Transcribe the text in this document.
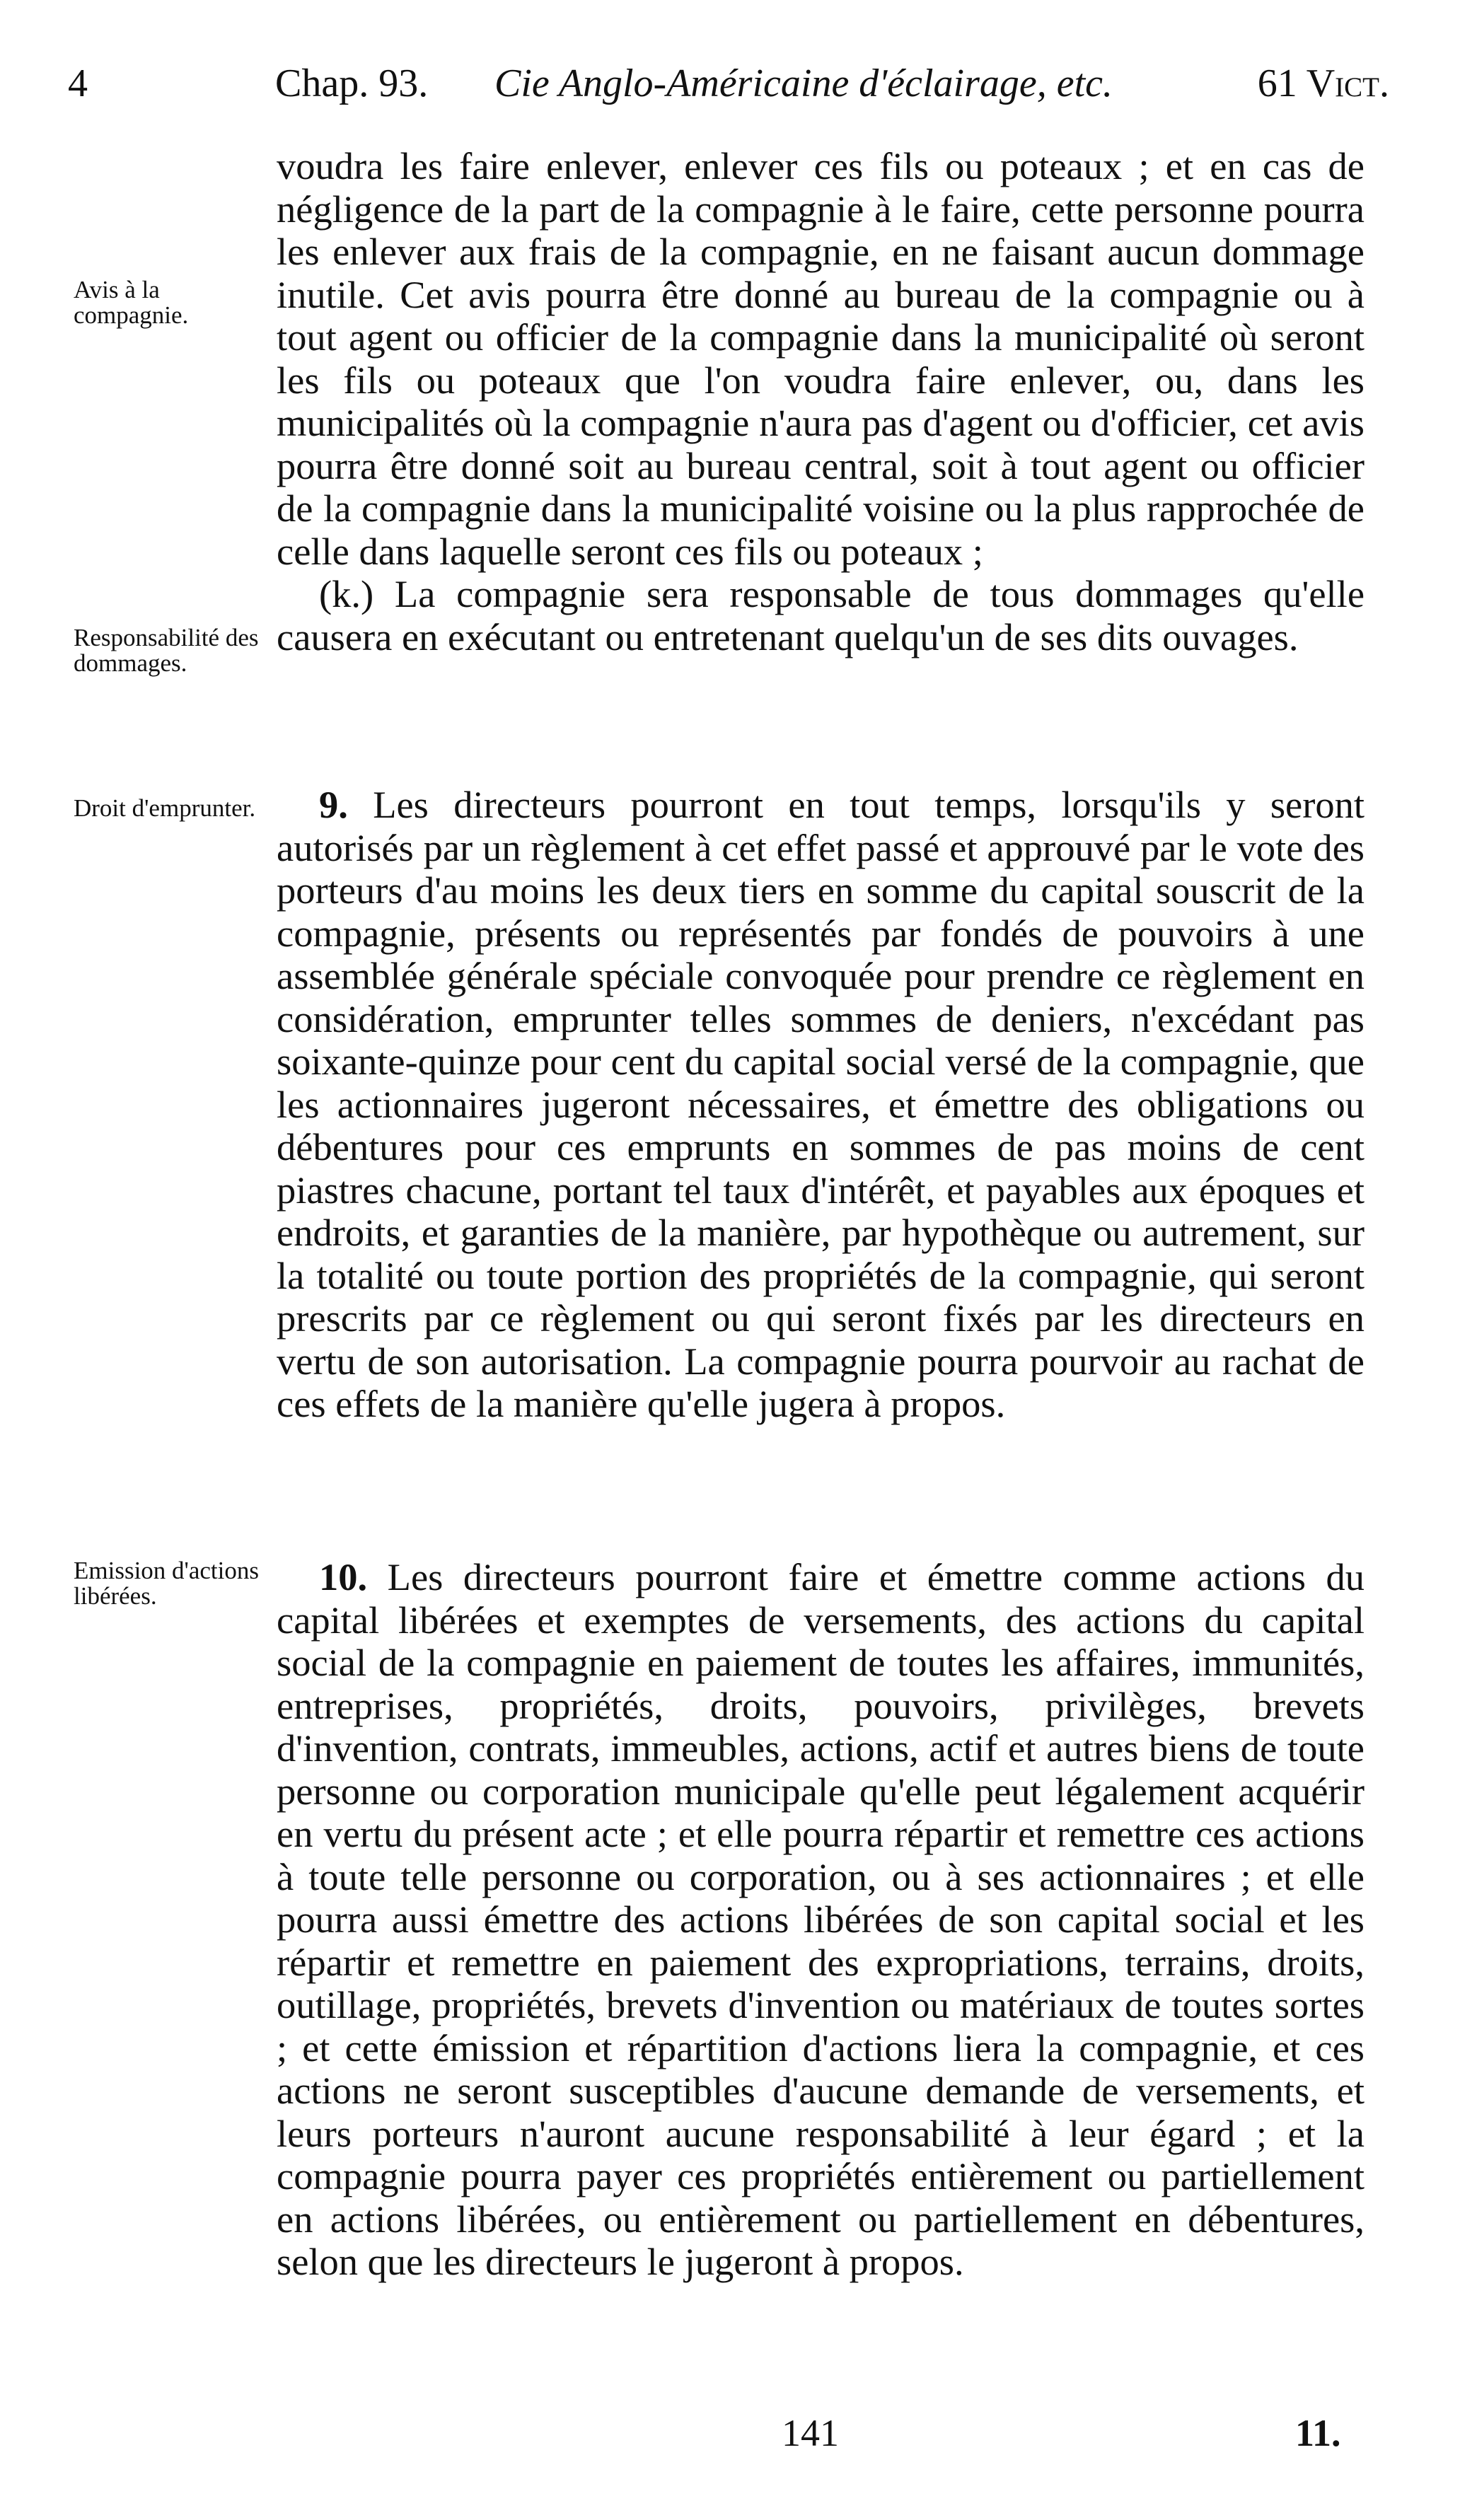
4	Chap. 93. Cie Anglo-Américaine d'éclairage, etc.	61 Vict.
Avis à la compagnie.
Responsabilité des dommages.
Droit d'emprunter.
Emission d'actions libérées.

voudra les faire enlever, enlever ces fils ou poteaux ; et en cas de négligence de la part de la compagnie à le faire, cette personne pourra les enlever aux frais de la compagnie, en ne faisant aucun dommage inutile. Cet avis pourra être donné au bureau de la compagnie ou à tout agent ou officier de la compagnie dans la municipalité où seront les fils ou poteaux que l'on voudra faire enlever, ou, dans les municipalités où la compagnie n'aura pas d'agent ou d'officier, cet avis pourra être donné soit au bureau central, soit à tout agent ou officier de la compagnie dans la municipalité voisine ou la plus rapprochée de celle dans laquelle seront ces fils ou poteaux ;

(k.) La compagnie sera responsable de tous dommages qu'elle causera en exécutant ou entretenant quelqu'un de ses dits ouvages.

9. Les directeurs pourront en tout temps, lorsqu'ils y seront autorisés par un règlement à cet effet passé et approuvé par le vote des porteurs d'au moins les deux tiers en somme du capital souscrit de la compagnie, présents ou représentés par fondés de pouvoirs à une assemblée générale spéciale convoquée pour prendre ce règlement en considération, emprunter telles sommes de deniers, n'excédant pas soixante-quinze pour cent du capital social versé de la compagnie, que les actionnaires jugeront nécessaires, et émettre des obligations ou débentures pour ces emprunts en sommes de pas moins de cent piastres chacune, portant tel taux d'intérêt, et payables aux époques et endroits, et garanties de la manière, par hypothèque ou autrement, sur la totalité ou toute portion des propriétés de la compagnie, qui seront prescrits par ce règlement ou qui seront fixés par les directeurs en vertu de son autorisation. La compagnie pourra pourvoir au rachat de ces effets de la manière qu'elle jugera à propos.

10. Les directeurs pourront faire et émettre comme actions du capital libérées et exemptes de versements, des actions du capital social de la compagnie en paiement de toutes les affaires, immunités, entreprises, propriétés, droits, pouvoirs, privilèges, brevets d'invention, contrats, immeubles, actions, actif et autres biens de toute personne ou corporation municipale qu'elle peut légalement acquérir en vertu du présent acte ; et elle pourra répartir et remettre ces actions à toute telle personne ou corporation, ou à ses actionnaires ; et elle pourra aussi émettre des actions libérées de son capital social et les répartir et remettre en paiement des expropriations, terrains, droits, outillage, propriétés, brevets d'invention ou matériaux de toutes sortes ; et cette émission et répartition d'actions liera la compagnie, et ces actions ne seront susceptibles d'aucune demande de versements, et leurs porteurs n'auront aucune responsabilité à leur égard ; et la compagnie pourra payer ces propriétés entièrement ou partiellement en actions libérées, ou entièrement ou partiellement en débentures, selon que les directeurs le jugeront à propos.

141	11.
